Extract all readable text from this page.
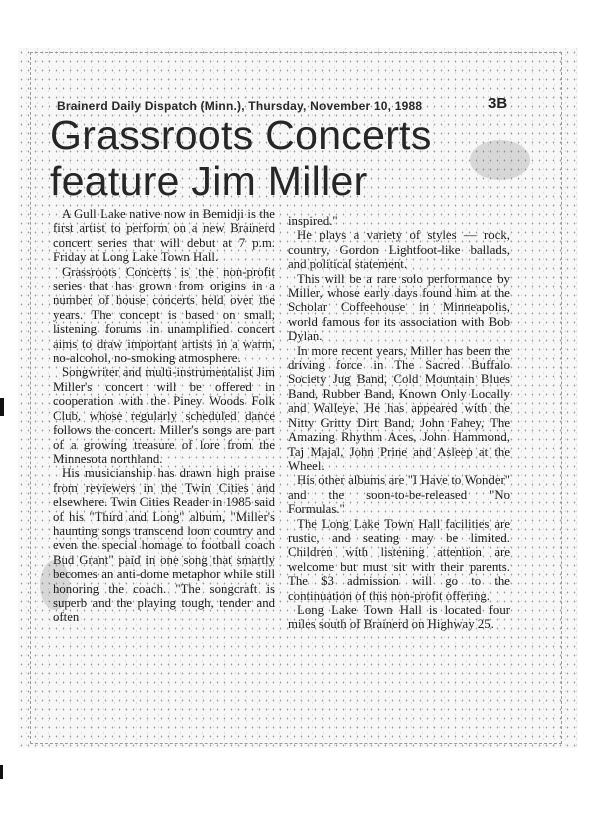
Brainerd Daily Dispatch (Minn.), Thursday, November 10, 1988	3B
Grassroots Concerts
feature Jim Miller

A Gull Lake native now in Bemidji is the first artist to perform on a new Brainerd concert series that will debut at 7 p.m. Friday at Long Lake Town Hall.

Grassroots Concerts is the non-profit series that has grown from origins in a number of house concerts held over the years. The concept is based on small, listening forums in unamplified concert aims to draw important artists in a warm, no-alcohol, no-smoking atmosphere.

Songwriter and multi-instrumentalist Jim Miller's concert will be offered in cooperation with the Piney Woods Folk Club, whose regularly scheduled dance follows the concert. Miller's songs are part of a growing treasure of lore from the Minnesota northland.

His musicianship has drawn high praise from reviewers in the Twin Cities and elsewhere. Twin Cities Reader in 1985 said of his "Third and Long" album, "Miller's haunting songs transcend loon country and even the special homage to football coach Bud Grant" paid in one song that smartly becomes an anti-dome metaphor while still honoring the coach. "The songcraft is superb and the playing tough, tender and often

inspired."

He plays a variety of styles — rock, country, Gordon Lightfoot-like ballads, and political statement.

This will be a rare solo performance by Miller, whose early days found him at the Scholar Coffeehouse in Minneapolis, world famous for its association with Bob Dylan.

In more recent years, Miller has been the driving force in The Sacred Buffalo Society Jug Band, Cold Mountain Blues Band, Rubber Band, Known Only Locally and Walleye. He has appeared with the Nitty Gritty Dirt Band, John Fahey, The Amazing Rhythm Aces, John Hammond, Taj Majal, John Prine and Asleep at the Wheel.

His other albums are "I Have to Wonder" and the soon-to-be-released "No Formulas."

The Long Lake Town Hall facilities are rustic, and seating may be limited. Children with listening attention are welcome but must sit with their parents. The $3 admission will go to the continuation of this non-profit offering.

Long Lake Town Hall is located four miles south of Brainerd on Highway 25.
